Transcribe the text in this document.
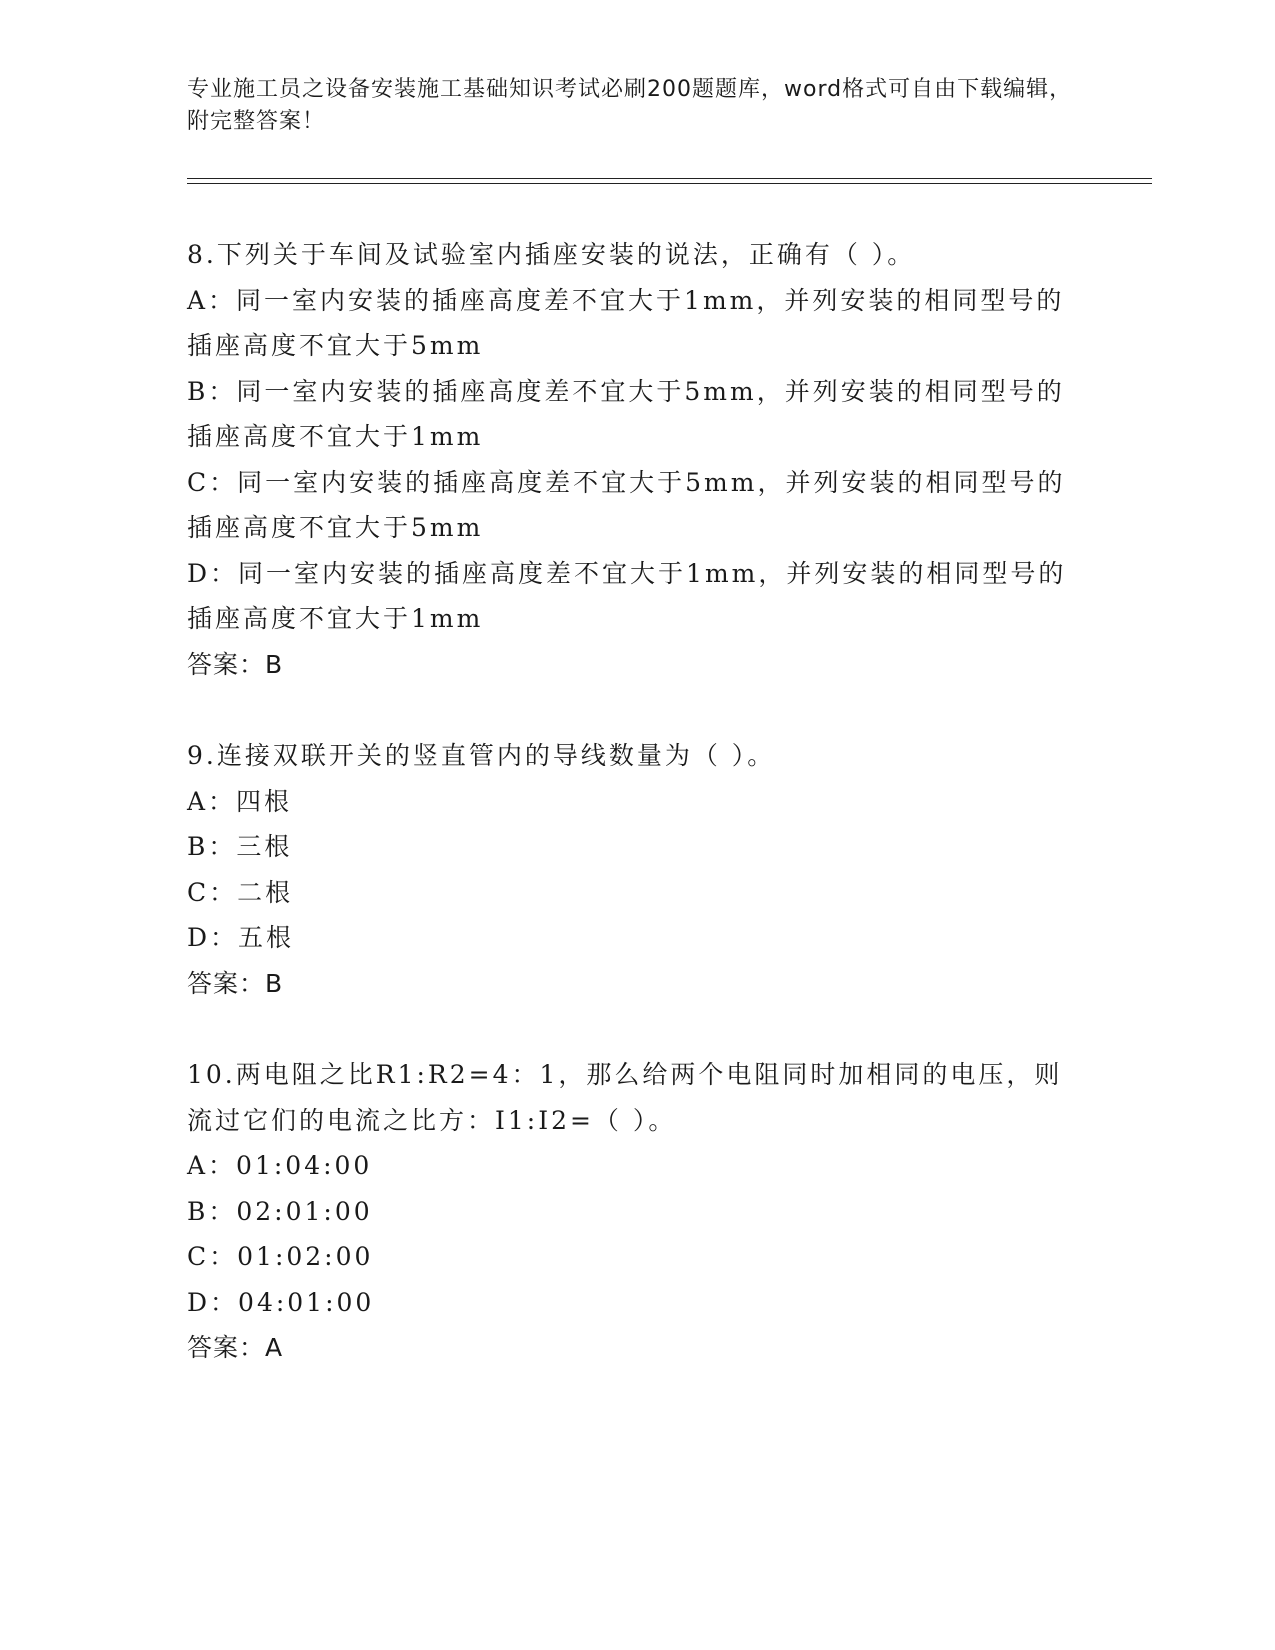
专业施工员之设备安装施工基础知识考试必刷200题题库，word格式可自由下载编辑，附完整答案！

8.下列关于车间及试验室内插座安装的说法，正确有（ ）。

A：同一室内安装的插座高度差不宜大于1mm，并列安装的相同型号的插座高度不宜大于5mm

B：同一室内安装的插座高度差不宜大于5mm，并列安装的相同型号的插座高度不宜大于1mm

C：同一室内安装的插座高度差不宜大于5mm，并列安装的相同型号的插座高度不宜大于5mm

D：同一室内安装的插座高度差不宜大于1mm，并列安装的相同型号的插座高度不宜大于1mm

答案：B

9.连接双联开关的竖直管内的导线数量为（ ）。

A：四根

B：三根

C：二根

D：五根

答案：B

10.两电阻之比R1:R2=4：1，那么给两个电阻同时加相同的电压，则流过它们的电流之比方：I1:I2=（ ）。

A：01:04:00

B：02:01:00

C：01:02:00

D：04:01:00

答案：A
